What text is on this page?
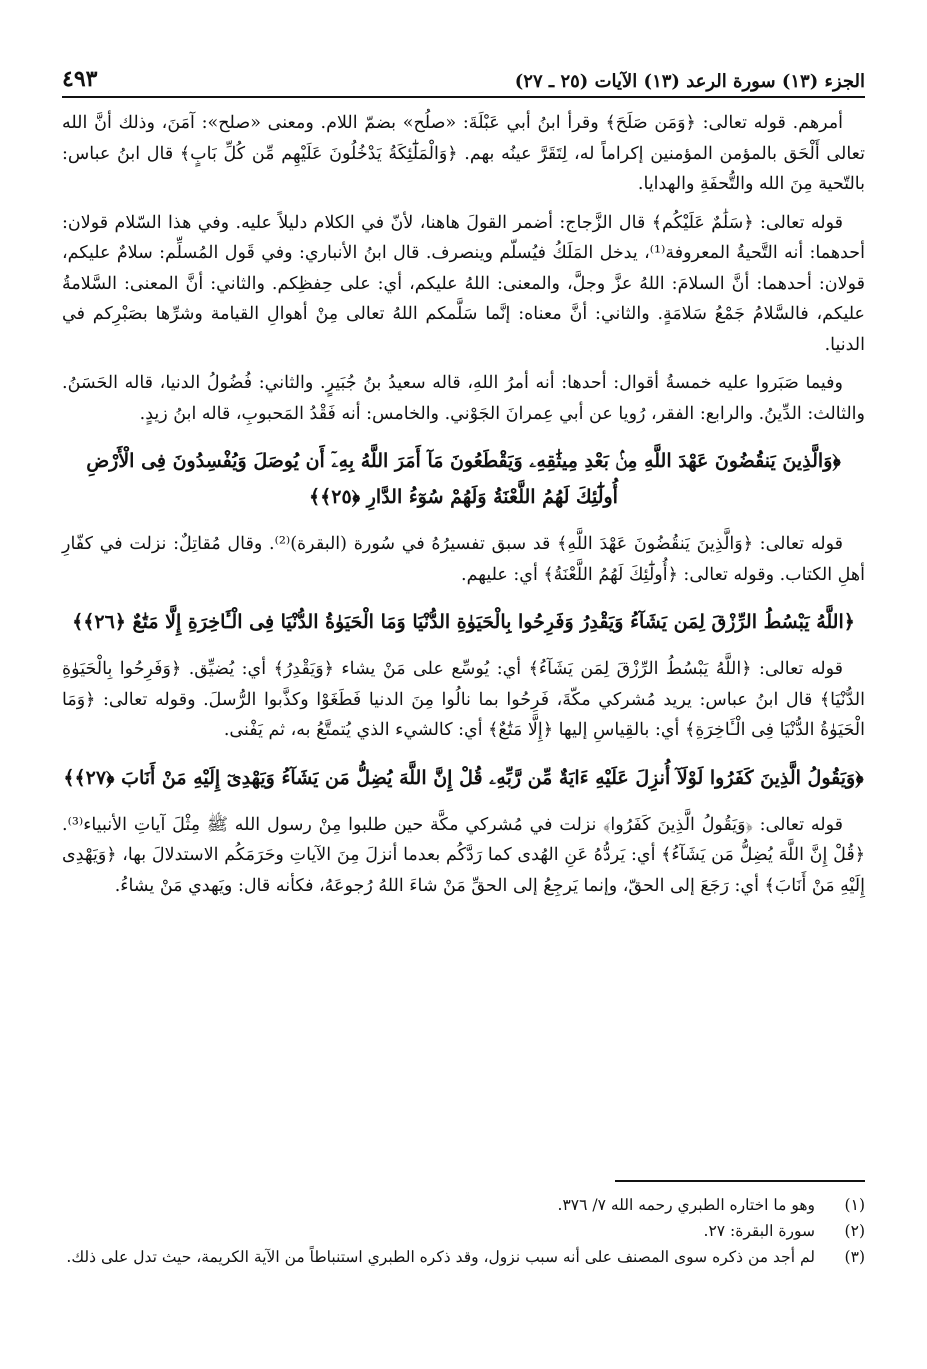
الجزء (١٣) سورة الرعد (١٣) الآيات (٢٥ ـ ٢٧)
٤٩٣

أمرهم. قوله تعالى: ﴿وَمَن صَلَحَ﴾ وقرأ ابنُ أبي عَبْلَةَ: «صلُح» بضمّ اللام. ومعنى «صلح»: آمَنَ، وذلك أنَّ الله تعالى أَلْحَق بالمؤمن المؤمنين إكراماً له، لِتَقَرَّ عينُه بهم. ﴿وَالْمَلَٰٓئِكَةُ يَدْخُلُونَ عَلَيْهِم مِّن كُلِّ بَابٍ﴾ قال ابنُ عباس: بالتّحية مِنَ الله والتُّحفَةِ والهدايا.

قوله تعالى: ﴿سَلَٰمٌ عَلَيْكُم﴾ قال الزَّجاج: أضمر القولَ هاهنا، لأنّ في الكلام دليلاً عليه. وفي هذا السّلام قولان: أحدهما: أنه التَّحيةُ المعروفة⁽¹⁾، يدخل المَلَكُ فيُسلّم وينصرف. قال ابنُ الأنباري: وفي قَول المُسلِّم: سلامٌ عليكم، قولان: أحدهما: أنَّ السلامَ: اللهُ عزَّ وجلَّ، والمعنى: اللهُ عليكم، أي: على حِفظِكم. والثاني: أنَّ المعنى: السَّلامةُ عليكم، فالسَّلامُ جَمْعُ سَلامَةٍ. والثاني: أنَّ معناه: إنَّما سَلَّمكم اللهُ تعالى مِنْ أهوالِ القيامة وشرِّها بصَبْرِكم في الدنيا.

وفيما صَبَروا عليه خمسةُ أقوال: أحدها: أنه أمرُ اللهِ، قاله سعيدُ بنُ جُبَيرٍ. والثاني: فُضُولُ الدنيا، قاله الحَسَنُ. والثالث: الدِّينُ. والرابع: الفقر، رُويا عن أبي عِمرانَ الجَوْني. والخامس: أنه فَقْدُ المَحبوبِ، قاله ابنُ زيدٍ.

﴿وَالَّذِينَ يَنقُضُونَ عَهْدَ اللَّهِ مِنۢ بَعْدِ مِيثَٰقِهِۦ وَيَقْطَعُونَ مَآ أَمَرَ اللَّهُ بِهِۦٓ أَن يُوصَلَ وَيُفْسِدُونَ فِى الْأَرْضِ أُولَٰٓئِكَ لَهُمُ اللَّعْنَةُ وَلَهُمْ سُوٓءُ الدَّارِ ﴿٢٥﴾﴾

قوله تعالى: ﴿وَالَّذِينَ يَنقُضُونَ عَهْدَ اللَّهِ﴾ قد سبق تفسيرُهُ في سُورة (البقرة)⁽²⁾. وقال مُقاتِلٌ: نزلت في كفّارِ أهلِ الكتاب. وقوله تعالى: ﴿أُولَٰٓئِكَ لَهُمُ اللَّعْنَةُ﴾ أي: عليهم.

﴿اللَّهُ يَبْسُطُ الرِّزْقَ لِمَن يَشَآءُ وَيَقْدِرُ وَفَرِحُوا بِالْحَيَوٰةِ الدُّنْيَا وَمَا الْحَيَوٰةُ الدُّنْيَا فِى الْـَٔاخِرَةِ إِلَّا مَتَٰعٌ ﴿٢٦﴾﴾

قوله تعالى: ﴿اللَّهُ يَبْسُطُ الرِّزْقَ لِمَن يَشَآءُ﴾ أي: يُوسِّع على مَنْ يشاء ﴿وَيَقْدِرُ﴾ أي: يُضيِّق. ﴿وَفَرِحُوا بِالْحَيَوٰةِ الدُّنْيَا﴾ قال ابنُ عباس: يريد مُشركي مكّةَ، فَرِحُوا بما نالُوا مِنَ الدنيا فَطَغَوْا وكذَّبوا الرُّسلَ. وقوله تعالى: ﴿وَمَا الْحَيَوٰةُ الدُّنْيَا فِى الْـَٔاخِرَةِ﴾ أي: بالقِياسِ إليها ﴿إِلَّا مَتَٰعٌ﴾ أي: كالشيء الذي يُتمتَّعُ به، ثم يَفْنى.

﴿وَيَقُولُ الَّذِينَ كَفَرُوا لَوْلَآ أُنزِلَ عَلَيْهِ ءَايَةٌ مِّن رَّبِّهِۦ قُلْ إِنَّ اللَّهَ يُضِلُّ مَن يَشَآءُ وَيَهْدِىٓ إِلَيْهِ مَنْ أَنَابَ ﴿٢٧﴾﴾

قوله تعالى: ﴿وَيَقُولُ الَّذِينَ كَفَرُوا﴾ نزلت في مُشركي مكَّة حين طلبوا مِنْ رسول الله ﷺ مِثْلَ آياتِ الأنبياء⁽³⁾. ﴿قُلْ إِنَّ اللَّهَ يُضِلُّ مَن يَشَآءُ﴾ أي: يَردُّهُ عَنِ الهُدى كما رَدَّكُم بعدما أنزلَ مِنَ الآياتِ وحَرَمَكُم الاستدلالَ بها، ﴿وَيَهْدِى إِلَيْهِ مَنْ أَنَابَ﴾ أي: رَجَعَ إلى الحقّ، وإنما يَرجِعُ إلى الحقِّ مَنْ شاءَ اللهُ رُجوعَهُ، فكأنه قال: ويَهدي مَنْ يشاءُ.

(١)
وهو ما اختاره الطبري رحمه الله ٧/ ٣٧٦.
(٢)
سورة البقرة: ٢٧.
(٣)
لم أجد من ذكره سوى المصنف على أنه سبب نزول، وقد ذكره الطبري استنباطاً من الآية الكريمة، حيث تدل على ذلك.
